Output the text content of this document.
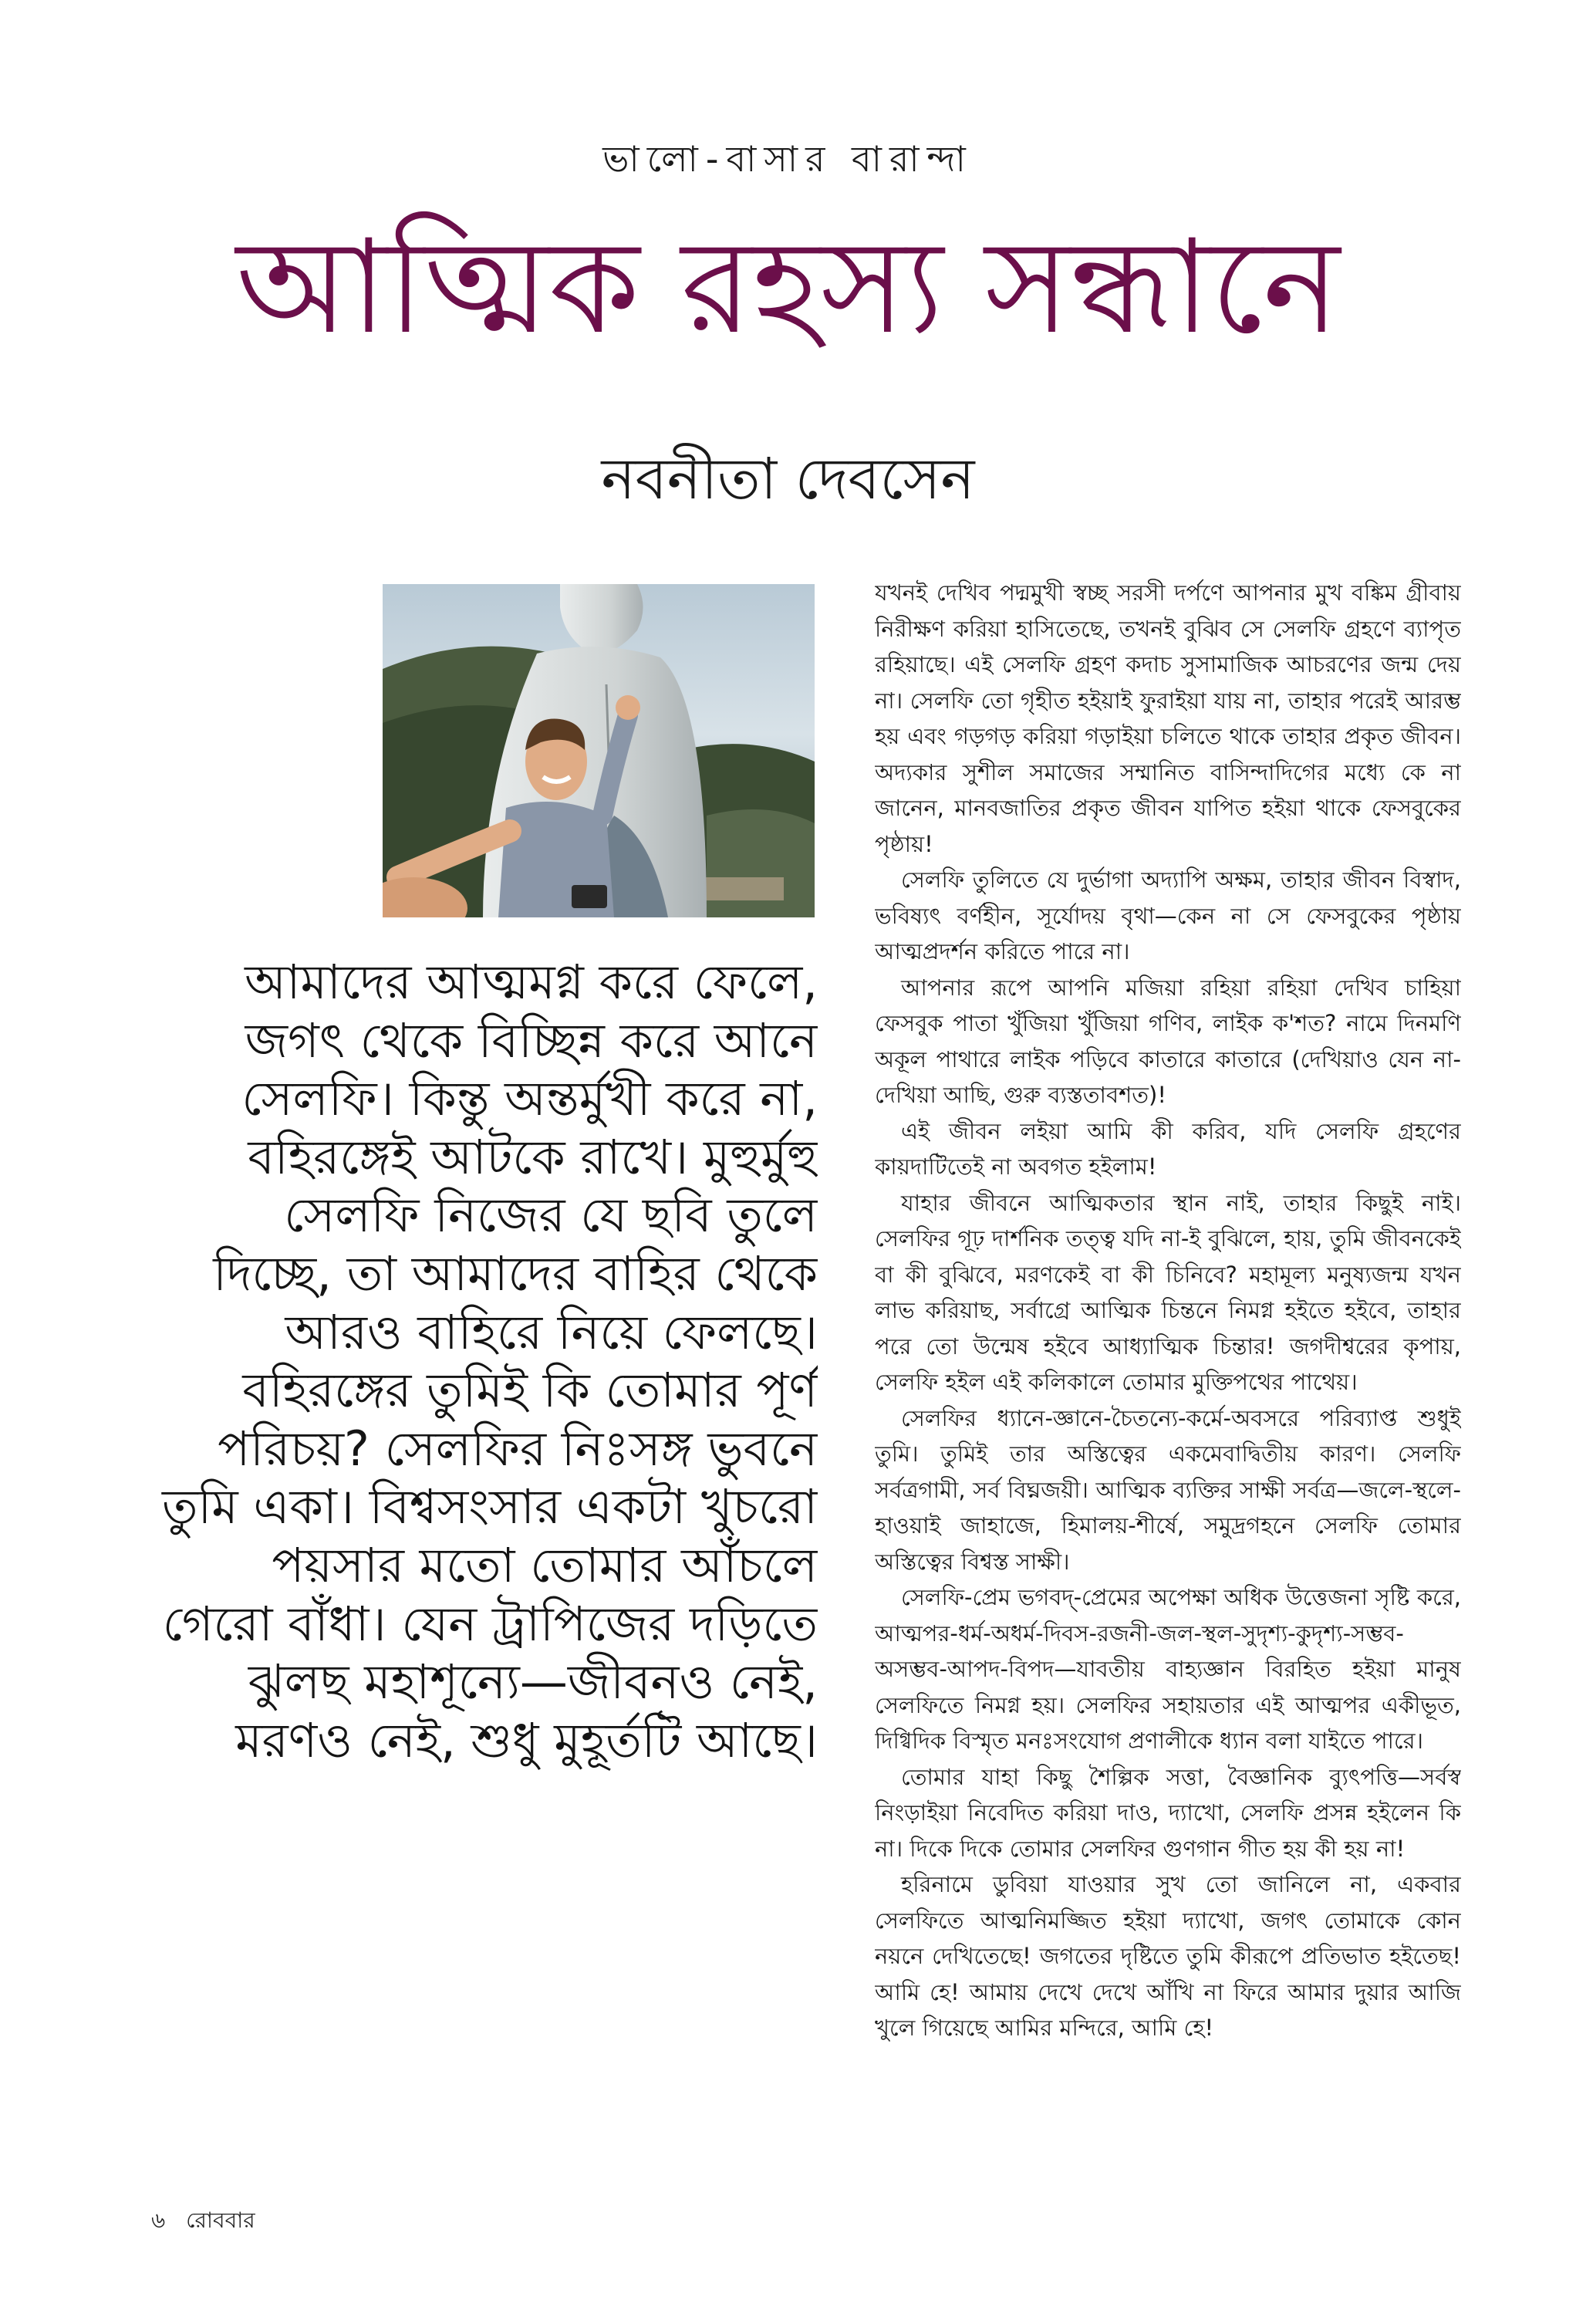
ভালো-বাসার বারান্দা
আত্মিক রহস্য সন্ধানে
নবনীতা দেবসেন
আমাদের আত্মমগ্ন করে ফেলে, জগৎ থেকে বিচ্ছিন্ন করে আনে সেলফি। কিন্তু অন্তর্মুখী করে না, বহিরঙ্গেই আটকে রাখে। মুহুর্মুহু সেলফি নিজের যে ছবি তুলে দিচ্ছে, তা আমাদের বাহির থেকে আরও বাহিরে নিয়ে ফেলছে। বহিরঙ্গের তুমিই কি তোমার পূর্ণ পরিচয়? সেলফির নিঃসঙ্গ ভুবনে তুমি একা। বিশ্বসংসার একটা খুচরো পয়সার মতো তোমার আঁচলে গেরো বাঁধা। যেন ট্রাপিজের দড়িতে ঝুলছ মহাশূন্যে—জীবনও নেই, মরণও নেই, শুধু মুহূর্তটি আছে।

যখনই দেখিব পদ্মমুখী স্বচ্ছ সরসী দর্পণে আপনার মুখ বঙ্কিম গ্রীবায় নিরীক্ষণ করিয়া হাসিতেছে, তখনই বুঝিব সে সেলফি গ্রহণে ব্যাপৃত রহিয়াছে। এই সেলফি গ্রহণ কদাচ সুসামাজিক আচরণের জন্ম দেয় না। সেলফি তো গৃহীত হইয়াই ফুরাইয়া যায় না, তাহার পরেই আরম্ভ হয় এবং গড়গড় করিয়া গড়াইয়া চলিতে থাকে তাহার প্রকৃত জীবন। অদ্যকার সুশীল সমাজের সম্মানিত বাসিন্দাদিগের মধ্যে কে না জানেন, মানবজাতির প্রকৃত জীবন যাপিত হইয়া থাকে ফেসবুকের পৃষ্ঠায়!

সেলফি তুলিতে যে দুর্ভাগা অদ্যাপি অক্ষম, তাহার জীবন বিস্বাদ, ভবিষ্যৎ বর্ণহীন, সূর্যোদয় বৃথা—কেন না সে ফেসবুকের পৃষ্ঠায় আত্মপ্রদর্শন করিতে পারে না।

আপনার রূপে আপনি মজিয়া রহিয়া রহিয়া দেখিব চাহিয়া ফেসবুক পাতা খুঁজিয়া খুঁজিয়া গণিব, লাইক ক'শত? নামে দিনমণি অকূল পাথারে লাইক পড়িবে কাতারে কাতারে (দেখিয়াও যেন না-দেখিয়া আছি, গুরু ব্যস্ততাবশত)!

এই জীবন লইয়া আমি কী করিব, যদি সেলফি গ্রহণের কায়দাটিতেই না অবগত হইলাম!

যাহার জীবনে আত্মিকতার স্থান নাই, তাহার কিছুই নাই। সেলফির গূঢ় দার্শনিক তত্ত্ব যদি না-ই বুঝিলে, হায়, তুমি জীবনকেই বা কী বুঝিবে, মরণকেই বা কী চিনিবে? মহামূল্য মনুষ্যজন্ম যখন লাভ করিয়াছ, সর্বাগ্রে আত্মিক চিন্তনে নিমগ্ন হইতে হইবে, তাহার পরে তো উন্মেষ হইবে আধ্যাত্মিক চিন্তার! জগদীশ্বরের কৃপায়, সেলফি হইল এই কলিকালে তোমার মুক্তিপথের পাথেয়।

সেলফির ধ্যানে-জ্ঞানে-চৈতন্যে-কর্মে-অবসরে পরিব্যাপ্ত শুধুই তুমি। তুমিই তার অস্তিত্বের একমেবাদ্বিতীয় কারণ। সেলফি সর্বত্রগামী, সর্ব বিঘ্নজয়ী। আত্মিক ব্যক্তির সাক্ষী সর্বত্র—জলে-স্থলে-হাওয়াই জাহাজে, হিমালয়-শীর্ষে, সমুদ্রগহনে সেলফি তোমার অস্তিত্বের বিশ্বস্ত সাক্ষী।

সেলফি-প্রেম ভগবদ্-প্রেমের অপেক্ষা অধিক উত্তেজনা সৃষ্টি করে, আত্মপর-ধর্ম-অধর্ম-দিবস-রজনী-জল-স্থল-সুদৃশ্য-কুদৃশ্য-সম্ভব-অসম্ভব-আপদ-বিপদ—যাবতীয় বাহ্যজ্ঞান বিরহিত হইয়া মানুষ সেলফিতে নিমগ্ন হয়। সেলফির সহায়তার এই আত্মপর একীভূত, দিগ্বিদিক বিস্মৃত মনঃসংযোগ প্রণালীকে ধ্যান বলা যাইতে পারে।

তোমার যাহা কিছু শৈল্পিক সত্তা, বৈজ্ঞানিক ব্যুৎপত্তি—সর্বস্ব নিংড়াইয়া নিবেদিত করিয়া দাও, দ্যাখো, সেলফি প্রসন্ন হইলেন কি না। দিকে দিকে তোমার সেলফির গুণগান গীত হয় কী হয় না!

হরিনামে ডুবিয়া যাওয়ার সুখ তো জানিলে না, একবার সেলফিতে আত্মনিমজ্জিত হইয়া দ্যাখো, জগৎ তোমাকে কোন নয়নে দেখিতেছে! জগতের দৃষ্টিতে তুমি কীরূপে প্রতিভাত হইতেছ! আমি হে! আমায় দেখে দেখে আঁখি না ফিরে আমার দুয়ার আজি খুলে গিয়েছে আমির মন্দিরে, আমি হে!

৬ রোববার
